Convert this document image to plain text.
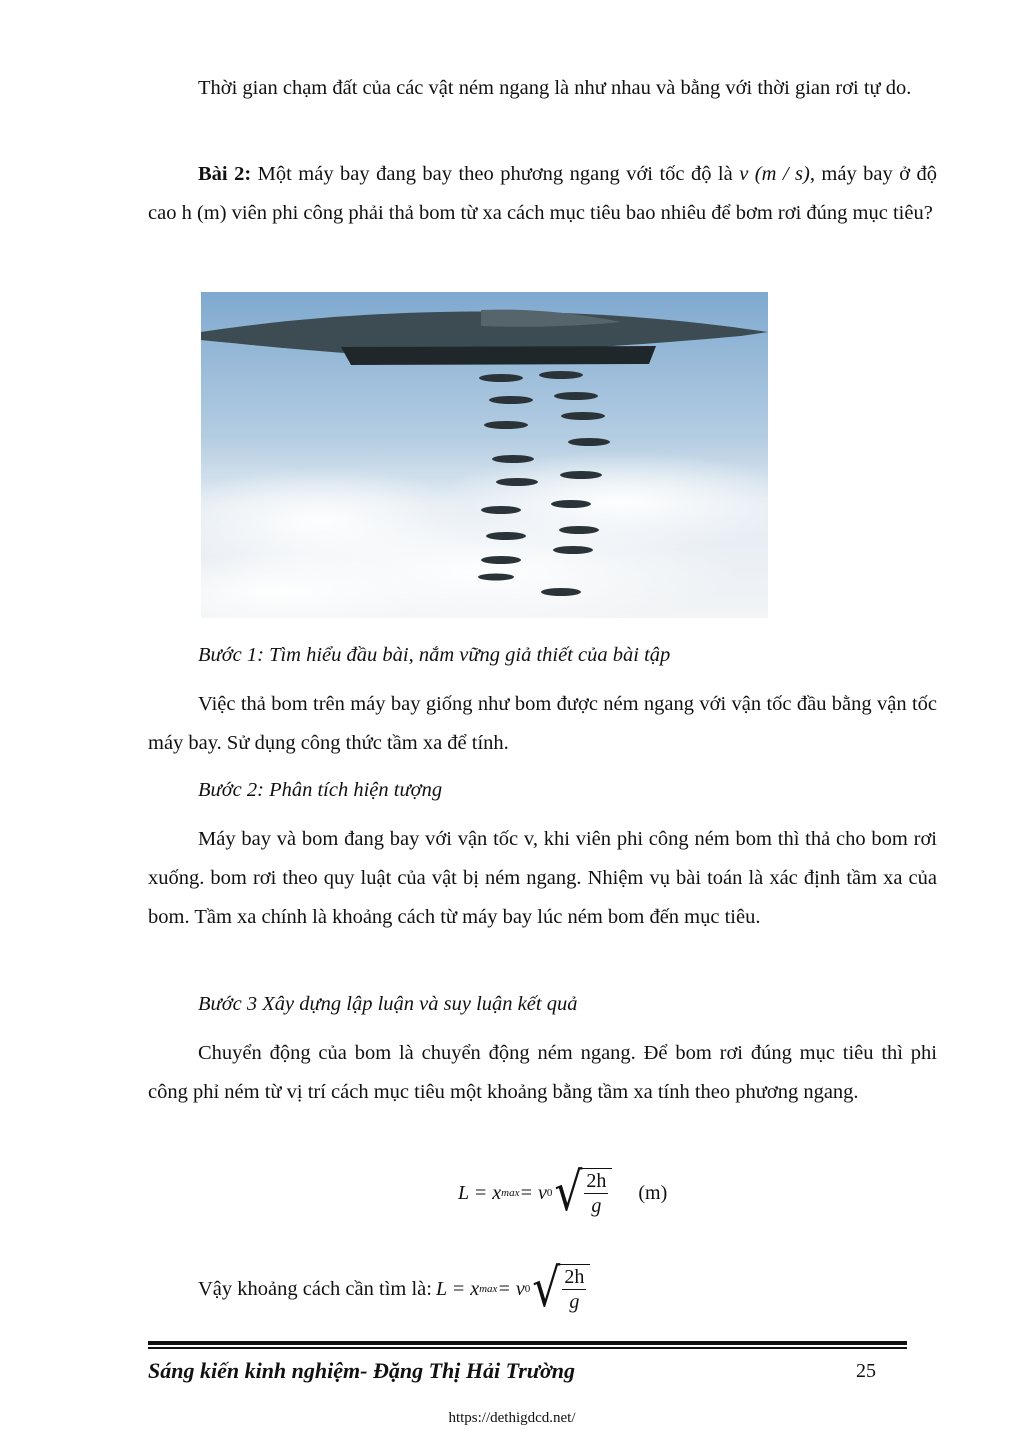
Thời gian chạm đất của các vật ném ngang là như nhau và bằng với thời gian rơi tự do.
Bài 2: Một máy bay đang bay theo phương ngang với tốc độ là v (m / s), máy bay ở độ cao h (m) viên phi công phải thả bom từ xa cách mục tiêu bao nhiêu để bơm rơi đúng mục tiêu?
Bước 1: Tìm hiểu đầu bài, nắm vững giả thiết của bài tập
Việc thả bom trên máy bay giống như bom được ném ngang với vận tốc đầu bằng vận tốc máy bay. Sử dụng công thức tầm xa để tính.
Bước 2: Phân tích hiện tượng
Máy bay và bom đang bay với vận tốc v, khi viên phi công ném bom thì thả cho bom rơi xuống. bom rơi theo quy luật của vật bị ném ngang. Nhiệm vụ bài toán là xác định tầm xa của bom. Tầm xa chính là khoảng cách từ máy bay lúc ném bom đến mục tiêu.
Bước 3 Xây dựng lập luận và suy luận kết quả
Chuyển động của bom là chuyển động ném ngang. Để bom rơi đúng mục tiêu thì phi công phỉ ném từ vị trí cách mục tiêu một khoảng bằng tầm xa tính theo phương ngang.
L = x max = v 0 √
$\frac{2h}{g} (m)$
Vậy khoảng cách cần tìm là: L = x max = v 0 √
$\frac{2h}{g}$
Sáng kiến kinh nghiệm- Đặng Thị Hải Trường	25
https://dethigdcd.net/
